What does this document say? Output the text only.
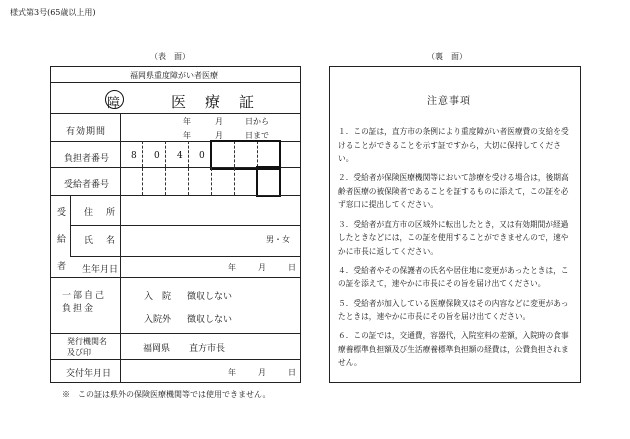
様式第3号(65歳以上用)
（表　面）	（裏　面）
福岡県重度障がい者医療
障	医　療　証
有効期間
年	月	日から
年	月	日まで
負担者番号 8 0 4 0
受給者番号
受給者 住　所
氏　名	男・女
生年月日	年	月	日
一部自己負担金
入　院 徴収しない
入院外 徴収しない
発行機関名及び印	福岡県 直方市長
交付年月日	年	月	日
※　この証は県外の保険医療機関等では使用できません。
注意事項

１．この証は，直方市の条例により重度障がい者医療費の支給を受けることができることを示す証ですから，大切に保持してください。

２．受給者が保険医療機関等において診療を受ける場合は，後期高齢者医療の被保険者であることを証するものに添えて，この証を必ず窓口に提出してください。

３．受給者が直方市の区域外に転出したとき，又は有効期間が経過したときなどには，この証を使用することができませんので，速やかに市長に返してください。

４．受給者やその保護者の氏名や居住地に変更があったときは，この証を添えて，速やかに市長にその旨を届け出てください。

５．受給者が加入している医療保険又はその内容などに変更があったときは，速やかに市長にその旨を届け出てください。

６．この証では，交通費，容器代，入院室料の差額，入院時の食事療養標準負担額及び生活療養標準負担額の経費は，公費負担されません。
